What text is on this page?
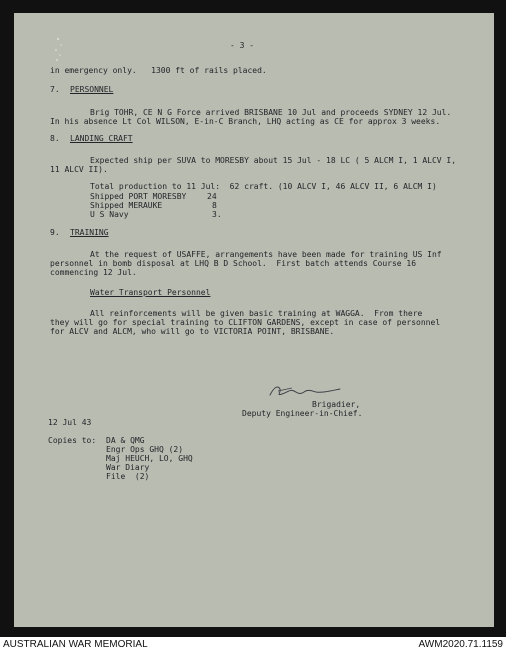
- 3 -
in emergency only.   1300 ft of rails placed.
7. PERSONNEL
Brig TOHR, CE N G Force arrived BRISBANE 10 Jul and proceeds SYDNEY 12 Jul.
In his absence Lt Col WILSON, E-in-C Branch, LHQ acting as CE for approx 3 weeks.
8. LANDING CRAFT
Expected ship per SUVA to MORESBY about 15 Jul - 18 LC ( 5 ALCM I, 1 ALCV I,
11 ALCV II).
Total production to 11 Jul:  62 craft. (10 ALCV I, 46 ALCV II, 6 ALCM I)
Shipped PORT MORESBY	24
Shipped MERAUKE	8
U S Navy	3.
9. TRAINING
At the request of USAFFE, arrangements have been made for training US Inf
personnel in bomb disposal at LHQ B D School.  First batch attends Course 16
commencing 12 Jul.
Water Transport Personnel
All reinforcements will be given basic training at WAGGA.  From there
they will go for special training to CLIFTON GARDENS, except in case of personnel
for ALCV and ALCM, who will go to VICTORIA POINT, BRISBANE.
Brigadier,
Deputy Engineer-in-Chief.
12 Jul 43
Copies to: DA & QMG
Engr Ops GHQ (2)
Maj HEUCH, LO, GHQ
War Diary
File  (2)
AUSTRALIAN WAR MEMORIAL	AWM2020.71.1159
